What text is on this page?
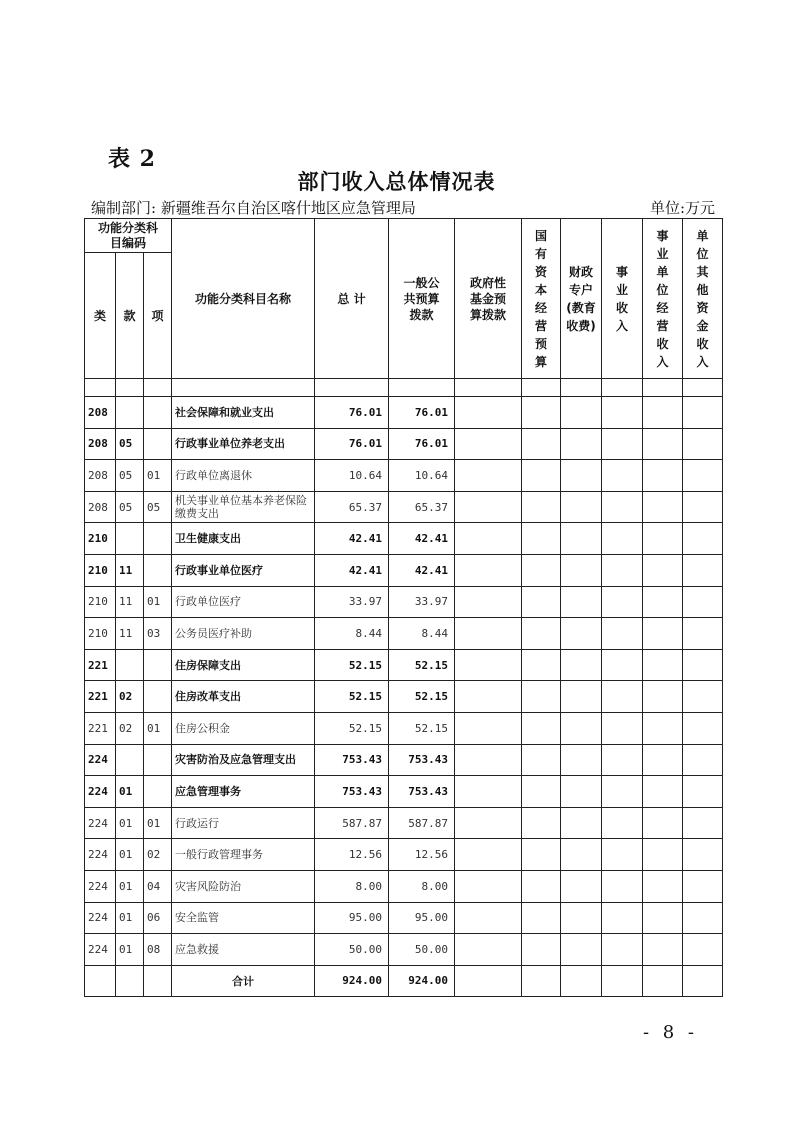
表 2
部门收入总体情况表
编制部门: 新疆维吾尔自治区喀什地区应急管理局	单位:万元
功能分类科目编码			功能分类科目名称	总 计	一般公共预算拨款	政府性基金预算拨款	国有资本经营预算	财政专户(教育收费)	事业收入	事业单位经营收入	单位其他资金收入

类	款	项									

208			社会保障和就业支出	76.01	76.01						
208	05		行政事业单位养老支出	76.01	76.01						
208	05	01	行政单位离退休	10.64	10.64						
208	05	05	机关事业单位基本养老保险缴费支出	65.37	65.37						
210			卫生健康支出	42.41	42.41						
210	11		行政事业单位医疗	42.41	42.41						
210	11	01	行政单位医疗	33.97	33.97						
210	11	03	公务员医疗补助	8.44	8.44						
221			住房保障支出	52.15	52.15						
221	02		住房改革支出	52.15	52.15						
221	02	01	住房公积金	52.15	52.15						
224			灾害防治及应急管理支出	753.43	753.43						
224	01		应急管理事务	753.43	753.43						
224	01	01	行政运行	587.87	587.87						
224	01	02	一般行政管理事务	12.56	12.56						
224	01	04	灾害风险防治	8.00	8.00						
224	01	06	安全监管	95.00	95.00						
224	01	08	应急救援	50.00	50.00						
			合计	924.00	924.00						
- 8 -
